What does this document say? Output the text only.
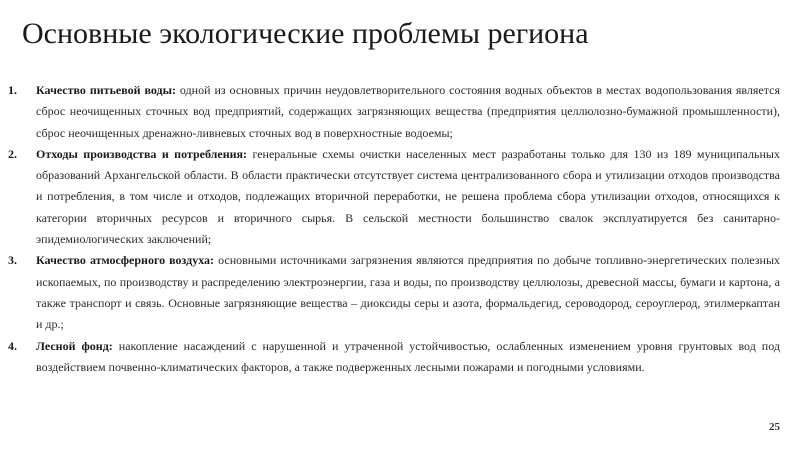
Основные экологические проблемы региона
1. Качество питьевой воды: одной из основных причин неудовлетворительного состояния водных объектов в местах водопользования является сброс неочищенных сточных вод предприятий, содержащих загрязняющих вещества (предприятия целлюлозно-бумажной промышленности), сброс неочищенных дренажно-ливневых сточных вод в поверхностные водоемы;
2. Отходы производства и потребления: генеральные схемы очистки населенных мест разработаны только для 130 из 189 муниципальных образований Архангельской области. В области практически отсутствует система централизованного сбора и утилизации отходов производства и потребления, в том числе и отходов, подлежащих вторичной переработки, не решена проблема сбора утилизации отходов, относящихся к категории вторичных ресурсов и вторичного сырья. В сельской местности большинство свалок эксплуатируется без санитарно-эпидемиологических заключений;
3. Качество атмосферного воздуха: основными источниками загрязнения являются предприятия по добыче топливно-энергетических полезных ископаемых, по производству и распределению электроэнергии, газа и воды, по производству целлюлозы, древесной массы, бумаги и картона, а также транспорт и связь. Основные загрязняющие вещества – диоксиды серы и азота, формальдегид, сероводород, сероуглерод, этилмеркаптан и др.;
4. Лесной фонд: накопление насаждений с нарушенной и утраченной устойчивостью, ослабленных изменением уровня грунтовых вод под воздействием почвенно-климатических факторов, а также подверженных лесными пожарами и погодными условиями.
25
